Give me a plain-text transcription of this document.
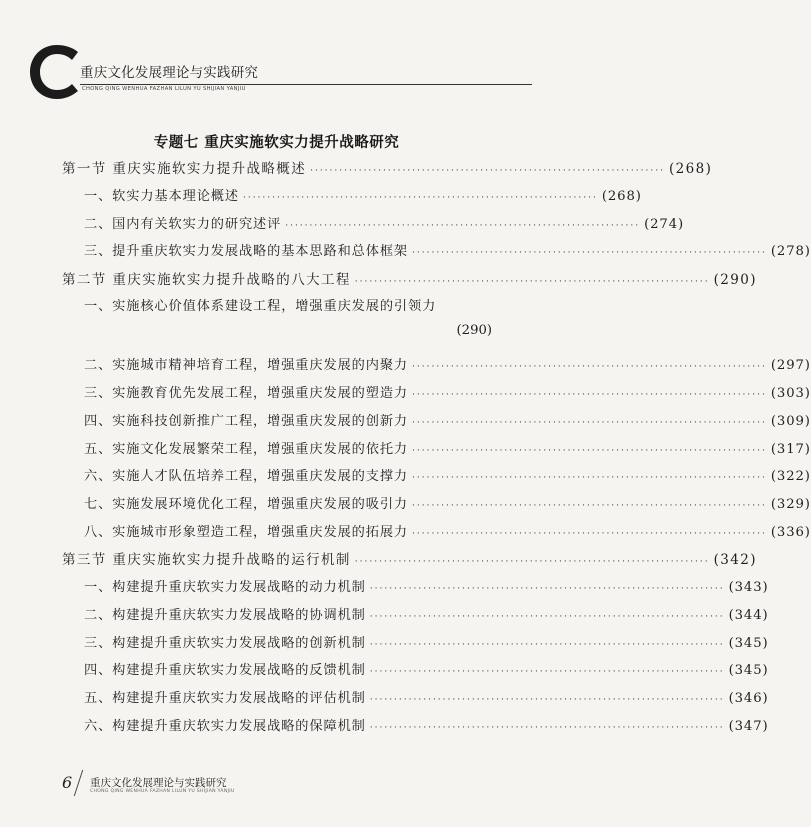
重庆文化发展理论与实践研究
CHONG QING WENHUA FAZHAN LILUN YU SHIJIAN YANJIU
专题七 重庆实施软实力提升战略研究
第一节 重庆实施软实力提升战略概述 ········································································· (268)
一、软实力基本理论概述 ········································································· (268)
二、国内有关软实力的研究述评 ········································································· (274)
三、提升重庆软实力发展战略的基本思路和总体框架 ········································································· (278)
第二节 重庆实施软实力提升战略的八大工程 ········································································· (290)
一、实施核心价值体系建设工程，增强重庆发展的引领力
(290)
二、实施城市精神培育工程，增强重庆发展的内聚力 ········································································· (297)
三、实施教育优先发展工程，增强重庆发展的塑造力 ········································································· (303)
四、实施科技创新推广工程，增强重庆发展的创新力 ········································································· (309)
五、实施文化发展繁荣工程，增强重庆发展的依托力 ········································································· (317)
六、实施人才队伍培养工程，增强重庆发展的支撑力 ········································································· (322)
七、实施发展环境优化工程，增强重庆发展的吸引力 ········································································· (329)
八、实施城市形象塑造工程，增强重庆发展的拓展力 ········································································· (336)
第三节 重庆实施软实力提升战略的运行机制 ········································································· (342)
一、构建提升重庆软实力发展战略的动力机制 ········································································· (343)
二、构建提升重庆软实力发展战略的协调机制 ········································································· (344)
三、构建提升重庆软实力发展战略的创新机制 ········································································· (345)
四、构建提升重庆软实力发展战略的反馈机制 ········································································· (345)
五、构建提升重庆软实力发展战略的评估机制 ········································································· (346)
六、构建提升重庆软实力发展战略的保障机制 ········································································· (347)
6 重庆文化发展理论与实践研究
CHONG QING WENHUA FAZHAN LILUN YU SHIJIAN YANJIU
